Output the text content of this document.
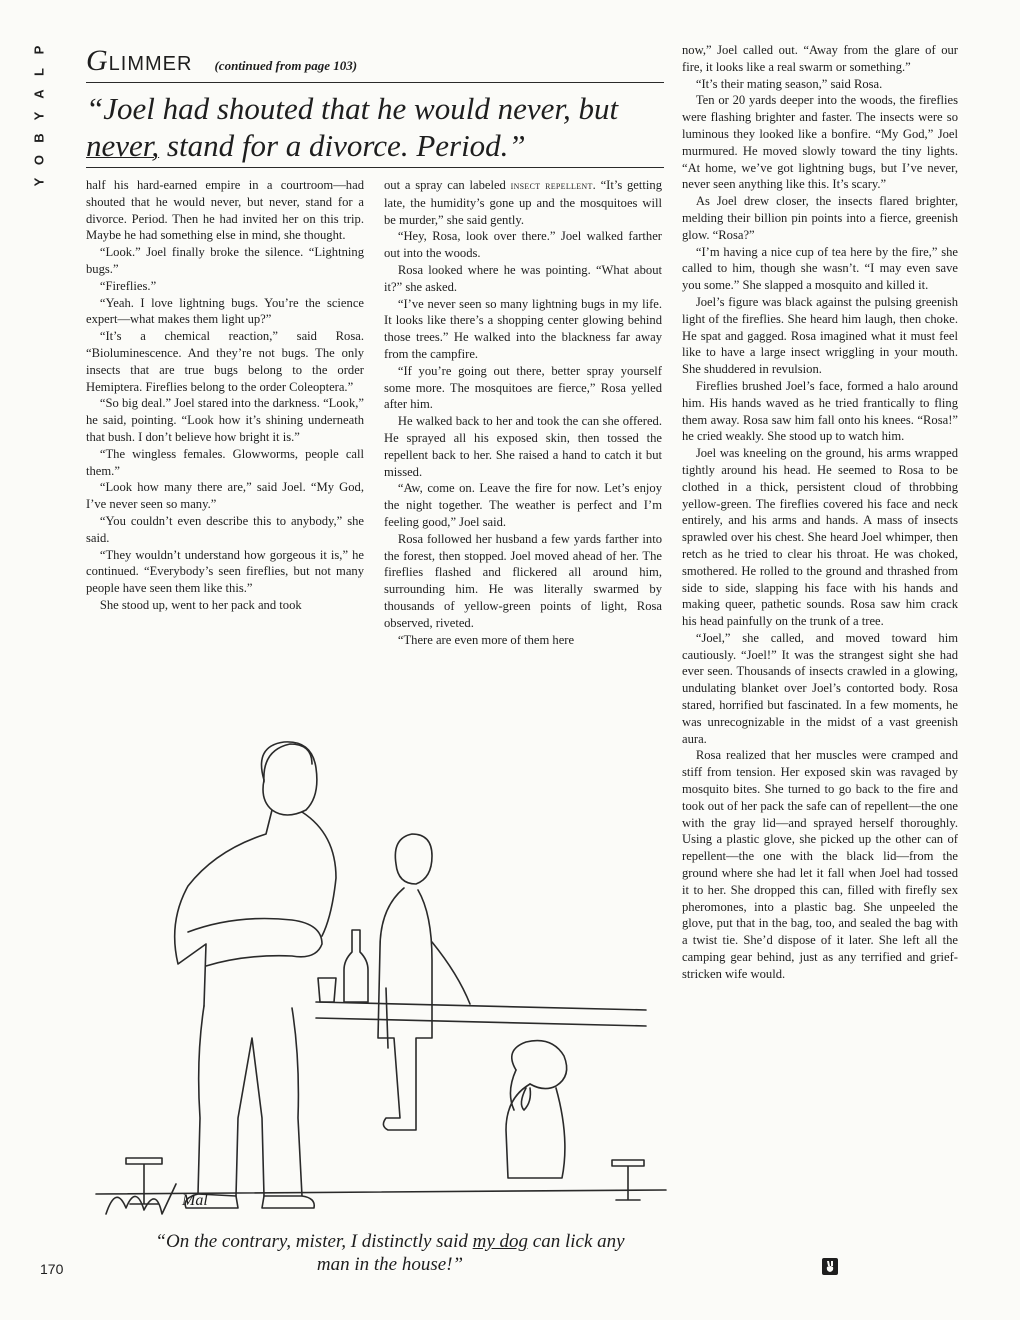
P
L
A
Y
B
O
Y
GLIMMER (continued from page 103)
“Joel had shouted that he would never, but never, stand for a divorce. Period.”

half his hard-earned empire in a courtroom—had shouted that he would never, but never, stand for a divorce. Period. Then he had invited her on this trip. Maybe he had something else in mind, she thought.

“Look.” Joel finally broke the silence. “Lightning bugs.”

“Fireflies.”

“Yeah. I love lightning bugs. You’re the science expert—what makes them light up?”

“It’s a chemical reaction,” said Rosa. “Bioluminescence. And they’re not bugs. The only insects that are true bugs belong to the order Hemiptera. Fireflies belong to the order Coleoptera.”

“So big deal.” Joel stared into the darkness. “Look,” he said, pointing. “Look how it’s shining underneath that bush. I don’t believe how bright it is.”

“The wingless females. Glowworms, people call them.”

“Look how many there are,” said Joel. “My God, I’ve never seen so many.”

“You couldn’t even describe this to anybody,” she said.

“They wouldn’t understand how gorgeous it is,” he continued. “Everybody’s seen fireflies, but not many people have seen them like this.”

She stood up, went to her pack and took

out a spray can labeled insect repellent. “It’s getting late, the humidity’s gone up and the mosquitoes will be murder,” she said gently.

“Hey, Rosa, look over there.” Joel walked farther out into the woods.

Rosa looked where he was pointing. “What about it?” she asked.

“I’ve never seen so many lightning bugs in my life. It looks like there’s a shopping center glowing behind those trees.” He walked into the blackness far away from the campfire.

“If you’re going out there, better spray yourself some more. The mosquitoes are fierce,” Rosa yelled after him.

He walked back to her and took the can she offered. He sprayed all his exposed skin, then tossed the repellent back to her. She raised a hand to catch it but missed.

“Aw, come on. Leave the fire for now. Let’s enjoy the night together. The weather is perfect and I’m feeling good,” Joel said.

Rosa followed her husband a few yards farther into the forest, then stopped. Joel moved ahead of her. The fireflies flashed and flickered all around him, surrounding him. He was literally swarmed by thousands of yellow-green points of light, Rosa observed, riveted.

“There are even more of them here

now,” Joel called out. “Away from the glare of our fire, it looks like a real swarm or something.”

“It’s their mating season,” said Rosa.

Ten or 20 yards deeper into the woods, the fireflies were flashing brighter and faster. The insects were so luminous they looked like a bonfire. “My God,” Joel murmured. He moved slowly toward the tiny lights. “At home, we’ve got lightning bugs, but I’ve never, never seen anything like this. It’s scary.”

As Joel drew closer, the insects flared brighter, melding their billion pin points into a fierce, greenish glow. “Rosa?”

“I’m having a nice cup of tea here by the fire,” she called to him, though she wasn’t. “I may even save you some.” She slapped a mosquito and killed it.

Joel’s figure was black against the pulsing greenish light of the fireflies. She heard him laugh, then choke. He spat and gagged. Rosa imagined what it must feel like to have a large insect wriggling in your mouth. She shuddered in revulsion.

Fireflies brushed Joel’s face, formed a halo around him. His hands waved as he tried frantically to fling them away. Rosa saw him fall onto his knees. “Rosa!” he cried weakly. She stood up to watch him.

Joel was kneeling on the ground, his arms wrapped tightly around his head. He seemed to Rosa to be clothed in a thick, persistent cloud of throbbing yellow-green. The fireflies covered his face and neck entirely, and his arms and hands. A mass of insects sprawled over his chest. She heard Joel whimper, then retch as he tried to clear his throat. He was choked, smothered. He rolled to the ground and thrashed from side to side, slapping his face with his hands and making queer, pathetic sounds. Rosa saw him crack his head painfully on the trunk of a tree.

“Joel,” she called, and moved toward him cautiously. “Joel!” It was the strangest sight she had ever seen. Thousands of insects crawled in a glowing, undulating blanket over Joel’s contorted body. Rosa stared, horrified but fascinated. In a few moments, he was unrecognizable in the midst of a vast greenish aura.

Rosa realized that her muscles were cramped and stiff from tension. Her exposed skin was ravaged by mosquito bites. She turned to go back to the fire and took out of her pack the safe can of repellent—the one with the gray lid—and sprayed herself thoroughly. Using a plastic glove, she picked up the other can of repellent—the one with the black lid—from the ground where she had let it fall when Joel had tossed it to her. She dropped this can, filled with firefly sex pheromones, into a plastic bag. She unpeeled the glove, put that in the bag, too, and sealed the bag with a twist tie. She’d dispose of it later. She left all the camping gear behind, just as any terrified and grief-stricken wife would.

Mal
“On the contrary, mister, I distinctly said my dog can lick any man in the house!”
170
